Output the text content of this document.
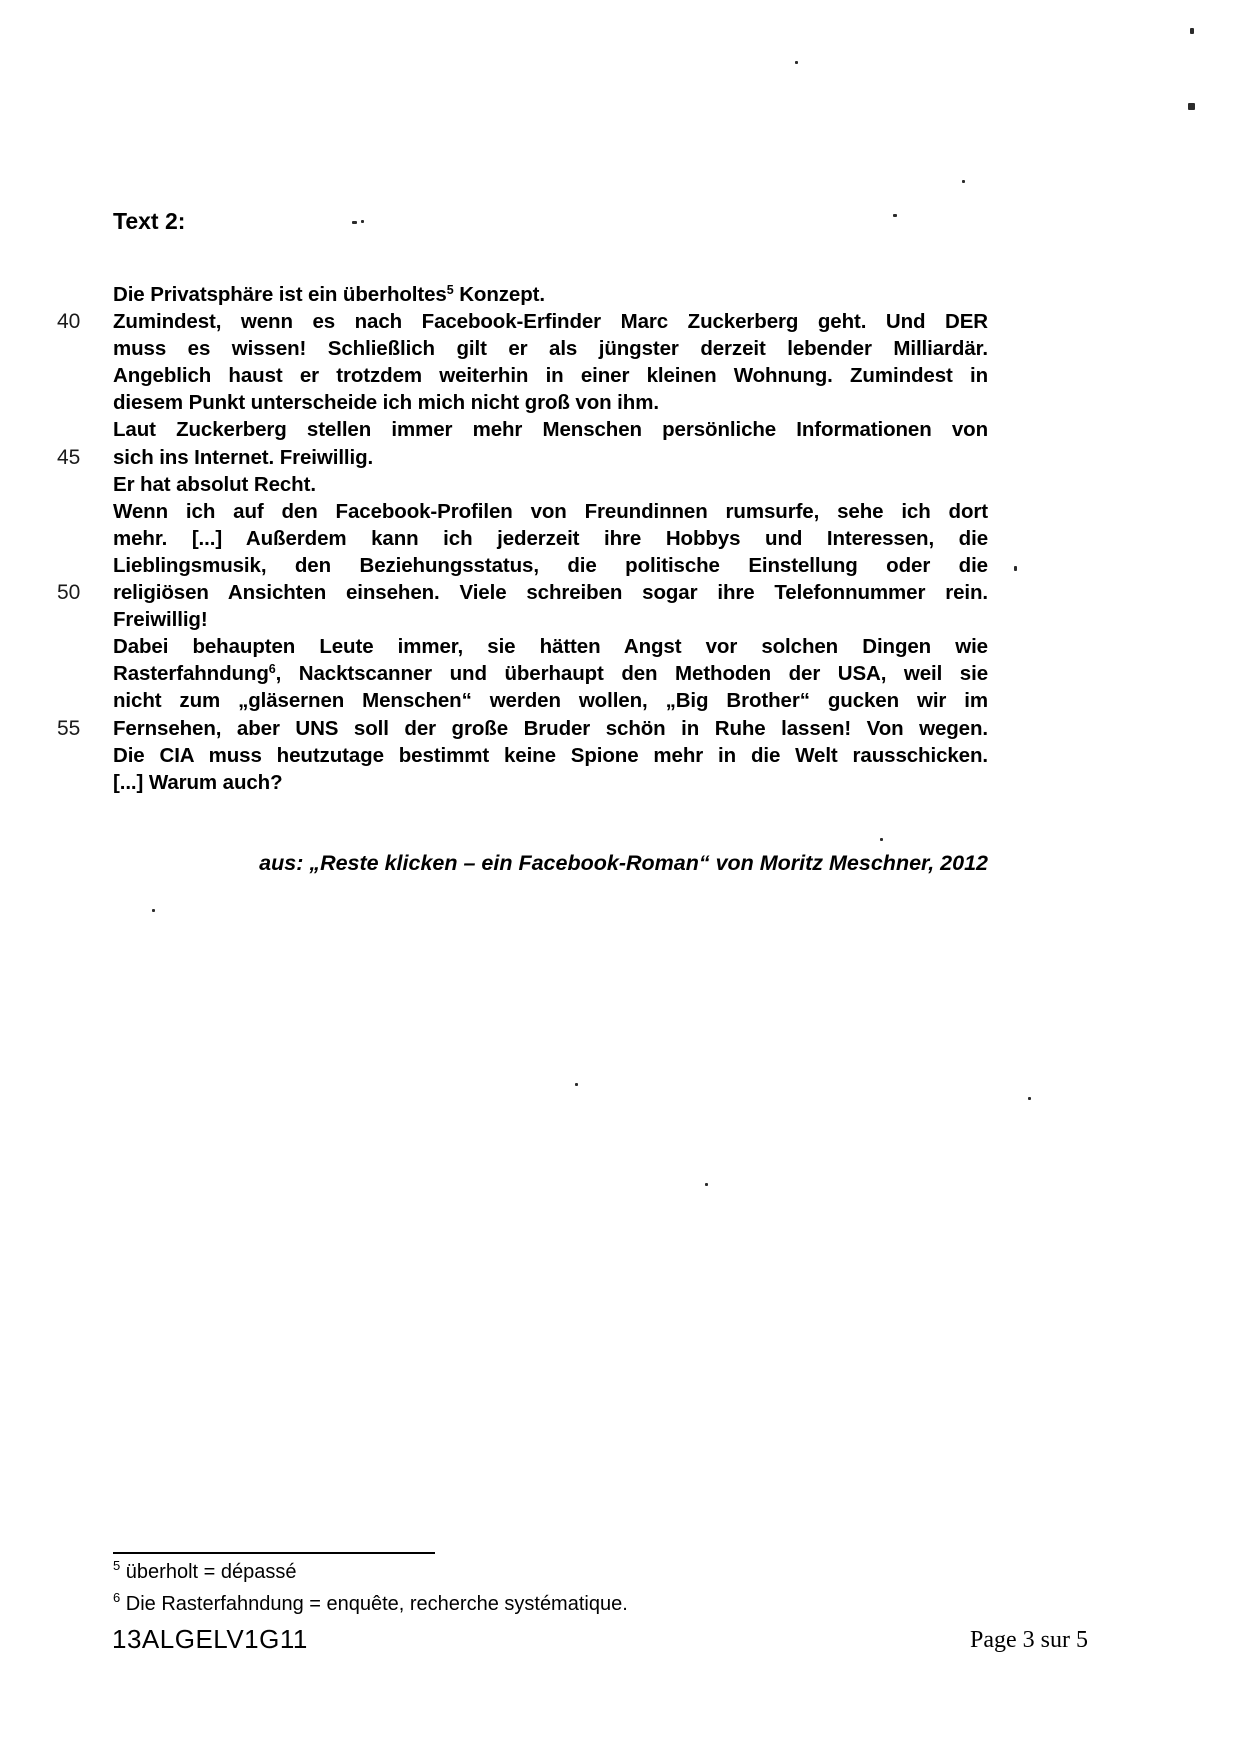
Text 2:
40
45
50
55
Die Privatsphäre ist ein überholtes$^5$ Konzept.
Zumindest, wenn es nach Facebook-Erfinder Marc Zuckerberg geht. Und DER
muss es wissen! Schließlich gilt er als jüngster derzeit lebender Milliardär.
Angeblich haust er trotzdem weiterhin in einer kleinen Wohnung. Zumindest in
diesem Punkt unterscheide ich mich nicht groß von ihm.
Laut Zuckerberg stellen immer mehr Menschen persönliche Informationen von
sich ins Internet. Freiwillig.
Er hat absolut Recht.
Wenn ich auf den Facebook-Profilen von Freundinnen rumsurfe, sehe ich dort
mehr. [...] Außerdem kann ich jederzeit ihre Hobbys und Interessen, die
Lieblingsmusik, den Beziehungsstatus, die politische Einstellung oder die
religiösen Ansichten einsehen. Viele schreiben sogar ihre Telefonnummer rein.
Freiwillig!
Dabei behaupten Leute immer, sie hätten Angst vor solchen Dingen wie
Rasterfahndung$^6$, Nacktscanner und überhaupt den Methoden der USA, weil sie
nicht zum „gläsernen Menschen“ werden wollen, „Big Brother“ gucken wir im
Fernsehen, aber UNS soll der große Bruder schön in Ruhe lassen! Von wegen.
Die CIA muss heutzutage bestimmt keine Spione mehr in die Welt rausschicken.
[...] Warum auch?
aus: „Reste klicken – ein Facebook-Roman“ von Moritz Meschner, 2012
$^5$ überholt = dépassé
$^6$ Die Rasterfahndung = enquête, recherche systématique.
13ALGELV1G11	Page 3 sur 5
